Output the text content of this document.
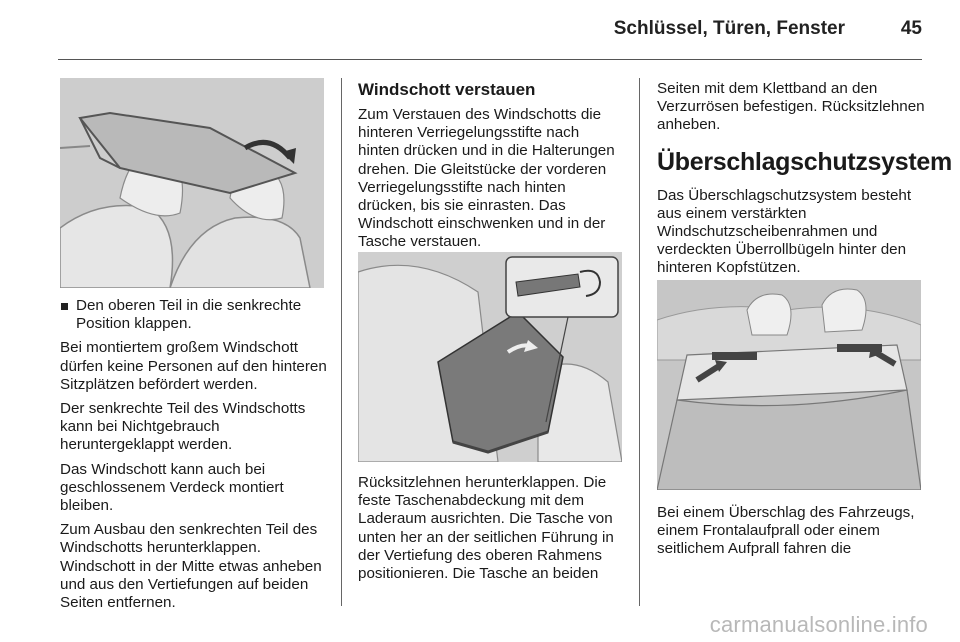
Schlüssel, Türen, Fenster	45

Den oberen Teil in die senkrechte Position klappen.

Bei montiertem großem Windschott dürfen keine Personen auf den hinteren Sitzplätzen befördert werden.

Der senkrechte Teil des Windschotts kann bei Nichtgebrauch heruntergeklappt werden.

Das Windschott kann auch bei geschlossenem Verdeck montiert bleiben.

Zum Ausbau den senkrechten Teil des Windschotts herunterklappen. Windschott in der Mitte etwas anheben und aus den Vertiefungen auf beiden Seiten entfernen.

Windschott verstauen

Zum Verstauen des Windschotts die hinteren Verriegelungsstifte nach hinten drücken und in die Halterungen drehen. Die Gleitstücke der vorderen Verriegelungsstifte nach hinten drücken, bis sie einrasten. Das Windschott einschwenken und in der Tasche verstauen.

Rücksitzlehnen herunterklappen. Die feste Taschenabdeckung mit dem Laderaum ausrichten. Die Tasche von unten her an der seitlichen Führung in der Vertiefung des oberen Rahmens positionieren. Die Tasche an beiden

Seiten mit dem Klettband an den Verzurrösen befestigen. Rücksitzlehnen anheben.

Überschlagschutzsystem

Das Überschlagschutzsystem besteht aus einem verstärkten Windschutzscheibenrahmen und verdeckten Überrollbügeln hinter den hinteren Kopfstützen.

Bei einem Überschlag des Fahrzeugs, einem Frontalaufprall oder einem seitlichem Aufprall fahren die

carmanualsonline.info
